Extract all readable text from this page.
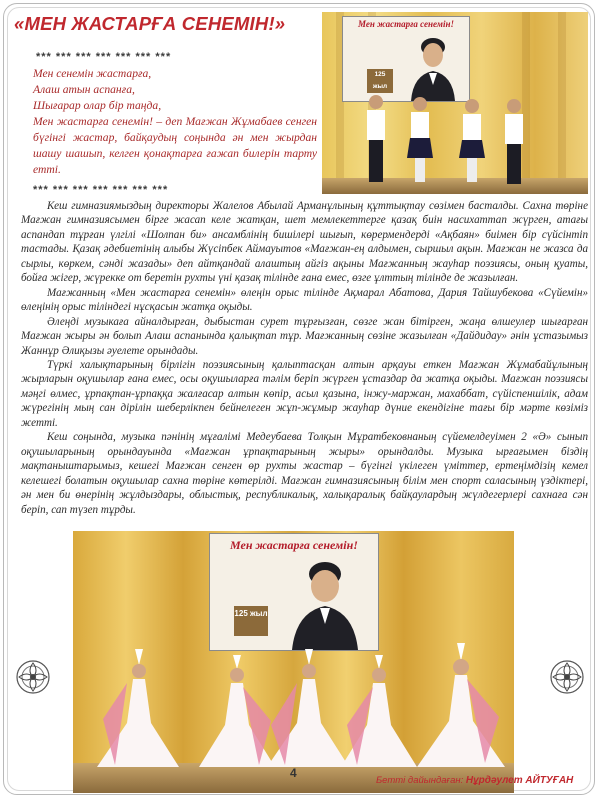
«МЕН ЖАСТАРҒА СЕНЕМІН!»
*** *** *** *** *** *** ***

Мен сенемін жастарға,

Алаш атын аспанға,

Шығарар олар бір таңда,

Мен жастарға сенемін! – деп Мағжан Жұмабаев сенген бүгінгі жастар, байқаудың соңында ән мен жырдан шашу шашып, келген қонақтарға ғажап билерін тарту етті.

*** *** *** *** *** *** ***
Мен жастарға сенемін!
125 жыл

Кеш гимназиямыздың директоры Жалелов Абылай Арманұлының құттықтау сөзімен басталды. Сахна төріне Мағжан гимназиясымен бірге жасап келе жатқан, шет мемлекеттерге қазақ биін насихаттап жүрген, атағы аспандап тұрған үлгілі «Шолпан би» ансамблінің бишілері шығып, көрермендерді «Ақбаян» биімен бір сүйсінтіп тастады. Қазақ әдебиетінің алыбы Жүсіпбек Аймауытов «Мағжан-ең алдымен, сыршыл ақын. Мағжан не жазса да сырлы, көркем, сәнді жазады» деп айтқандай алаштың айгіз ақыны Мағжанның жауһар поэзиясы, оның қуаты, бойға жігер, жүрекке от беретін рухты үні қазақ тілінде ғана емес, өзге ұлттың тілінде де жазылған.

Мағжанның «Мен жастарға сенемін» өлеңін орыс тілінде Ақмарал Абатова, Дария Тайшубекова «Сүйемін» өлеңінің орыс тіліндегі нұсқасын жатқа оқыды.

Әлеңді музыкаға айналдырған, дыбыстан сурет тұрғызған, сөзге жан бітірген, жаңа өлшеулер шығарған Мағжан жыры ән болып Алаш аспанында қалықтап тұр. Мағжанның сөзіне жазылған «Дайдидау» әнін ұстазымыз Жаннұр Әлиқызы әуелете орындады.

Түркі халықтарының бірлігін поэзиясының қалыптасқан алтын арқауы еткен Мағжан Жұмабайұлының жырларын оқушылар ғана емес, осы оқушыларға тәлім беріп жүрген ұстаздар да жатқа оқыды. Мағжан поэзиясы мәңгі өлмес, ұрпақтан-ұрпаққа жалғасар алтын көпір, асыл қазына, інжу-маржан, махаббат, сүйіспеншілік, адам жүрегінің мың сан дірілін шеберлікпен бейнелеген жұп-жұмыр жауһар дүние екендігіне тағы бір мәрте көзіміз жетті.

Кеш соңында, музыка пәнінің мұғалімі Медеубаева Толқын Мұратбековнаның сүйемелдеуімен 2 «Ә» сынып оқушыларының орындауында «Мағжан ұрпақтарының жыры» орындалды. Музыка ырғағымен біздің мақтаныштарымыз, кешегі Мағжан сенген өр рухты жастар – бүгінгі үкілеген үміттер, ертеңімдізің кемел келешегі болатын оқушылар сахна төріне көтерілді. Мағжан гимназиясының білім мен спорт саласының үздіктері, ән мен би өнерінің жұлдыздары, облыстық, республикалық, халықаралық байқаулардың жүлдегерлері сахнаға сән беріп, сап түзеп тұрды.

Мен жастарға сенемін!
125 жыл
4
Бетті дайындаған: Нұрдәулет АЙТУҒАН
